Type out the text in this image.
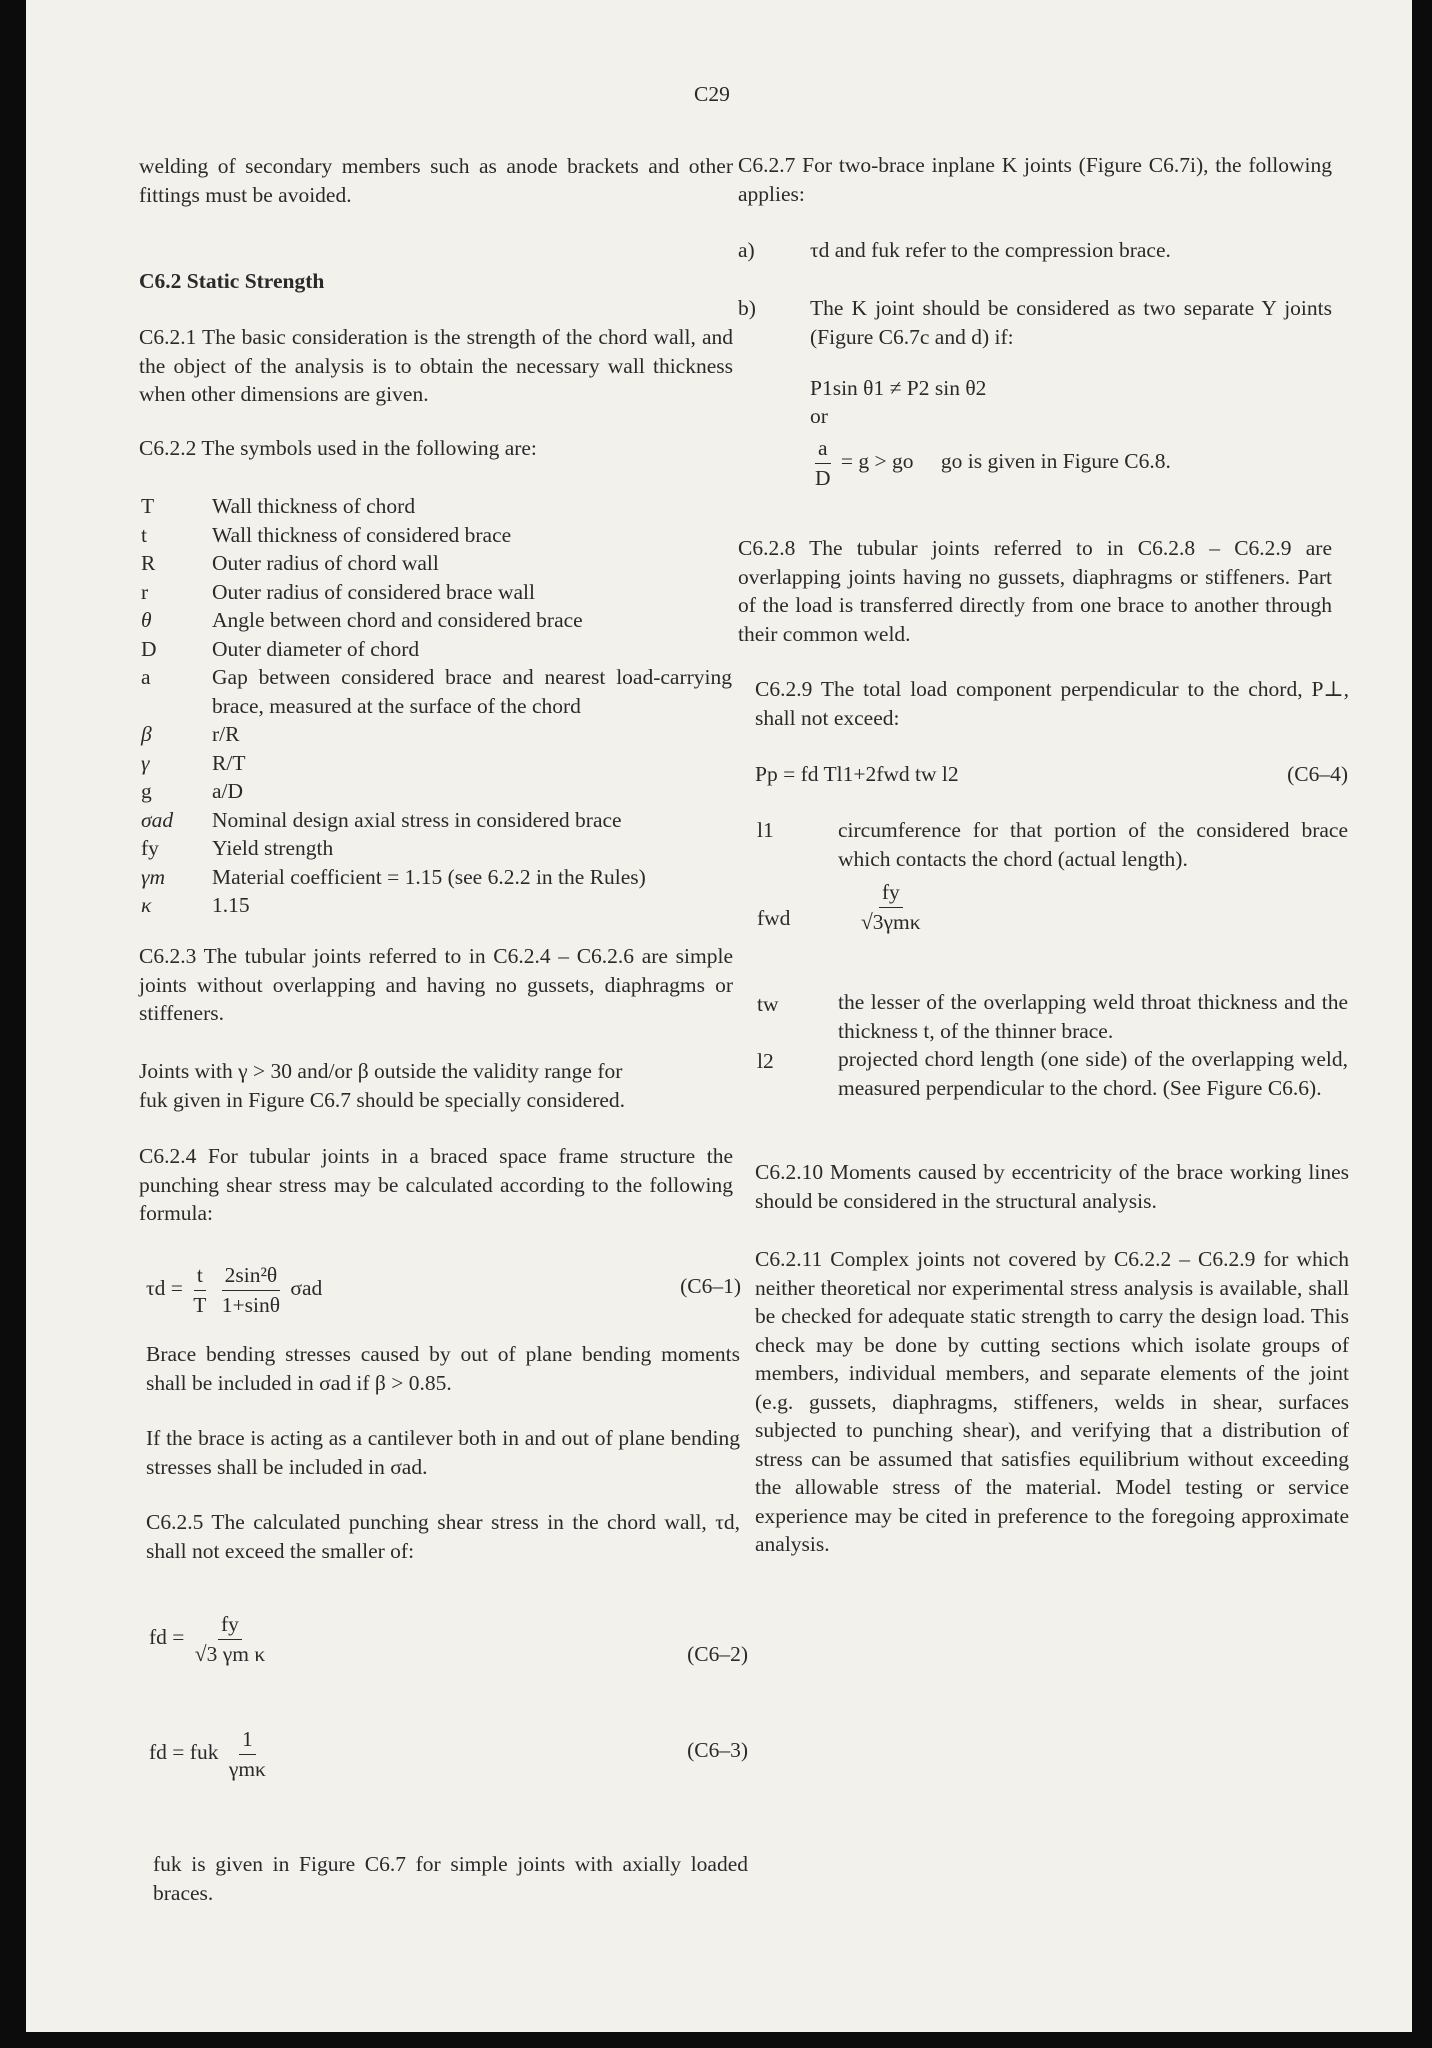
C29
welding of secondary members such as anode brackets and other fittings must be avoided.
C6.2 Static Strength
C6.2.1 The basic consideration is the strength of the chord wall, and the object of the analysis is to obtain the necessary wall thickness when other dimensions are given.
C6.2.2 The symbols used in the following are:
T	Wall thickness of chord
t	Wall thickness of considered brace
R	Outer radius of chord wall
r	Outer radius of considered brace wall
θ	Angle between chord and considered brace
D	Outer diameter of chord
a	Gap between considered brace and nearest load-carrying brace, measured at the surface of the chord
β	r/R
γ	R/T
g	a/D
σad	Nominal design axial stress in considered brace
fy	Yield strength
γm	Material coefficient = 1.15 (see 6.2.2 in the Rules)
κ	1.15
C6.2.3 The tubular joints referred to in C6.2.4 – C6.2.6 are simple joints without overlapping and having no gussets, diaphragms or stiffeners.
Joints with γ > 30 and/or β outside the validity range for
fuk given in Figure C6.7 should be specially considered.
C6.2.4 For tubular joints in a braced space frame structure the punching shear stress may be calculated according to the following formula:
$\tau d = \frac{t}{T}$
$\frac{\text{2sin²θ}}{1+\sin\theta}$ σad	(C6–1)
Brace bending stresses caused by out of plane bending moments shall be included in σad if β > 0.85.
If the brace is acting as a cantilever both in and out of plane bending stresses shall be included in σad.
C6.2.5 The calculated punching shear stress in the chord wall, τd, shall not exceed the smaller of:
fd = $\frac{fy}{\text{√3 γm κ}}$	(C6–2)
fd = fuk $\frac{1}{\text{γmκ}}$	(C6–3)
fuk is given in Figure C6.7 for simple joints with axially loaded braces.
C6.2.7 For two-brace inplane K joints (Figure C6.7i), the following applies:
a)	τd and fuk refer to the compression brace.
b)	The K joint should be considered as two separate Y joints (Figure C6.7c and d) if:
P1sin θ1 ≠ P2 sin θ2
or
$\frac{a}{D} = g$ > go go is given in Figure C6.8.
C6.2.8 The tubular joints referred to in C6.2.8 – C6.2.9 are overlapping joints having no gussets, diaphragms or stiffeners. Part of the load is transferred directly from one brace to another through their common weld.
C6.2.9 The total load component perpendicular to the chord, P⊥, shall not exceed:
Pp = fd Tl1+2fwd tw l2	(C6–4)
l1	circumference for that portion of the considered brace which contacts the chord (actual length).
fwd	$\frac{fy}{\text{√3γmκ}}$
tw	the lesser of the overlapping weld throat thickness and the thickness t, of the thinner brace.
l2	projected chord length (one side) of the overlapping weld, measured perpendicular to the chord. (See Figure C6.6).
C6.2.10 Moments caused by eccentricity of the brace working lines should be considered in the structural analysis.
C6.2.11 Complex joints not covered by C6.2.2 – C6.2.9 for which neither theoretical nor experimental stress analysis is available, shall be checked for adequate static strength to carry the design load. This check may be done by cutting sections which isolate groups of members, individual members, and separate elements of the joint (e.g. gussets, diaphragms, stiffeners, welds in shear, surfaces subjected to punching shear), and verifying that a distribution of stress can be assumed that satisfies equilibrium without exceeding the allowable stress of the material. Model testing or service experience may be cited in preference to the foregoing approximate analysis.
